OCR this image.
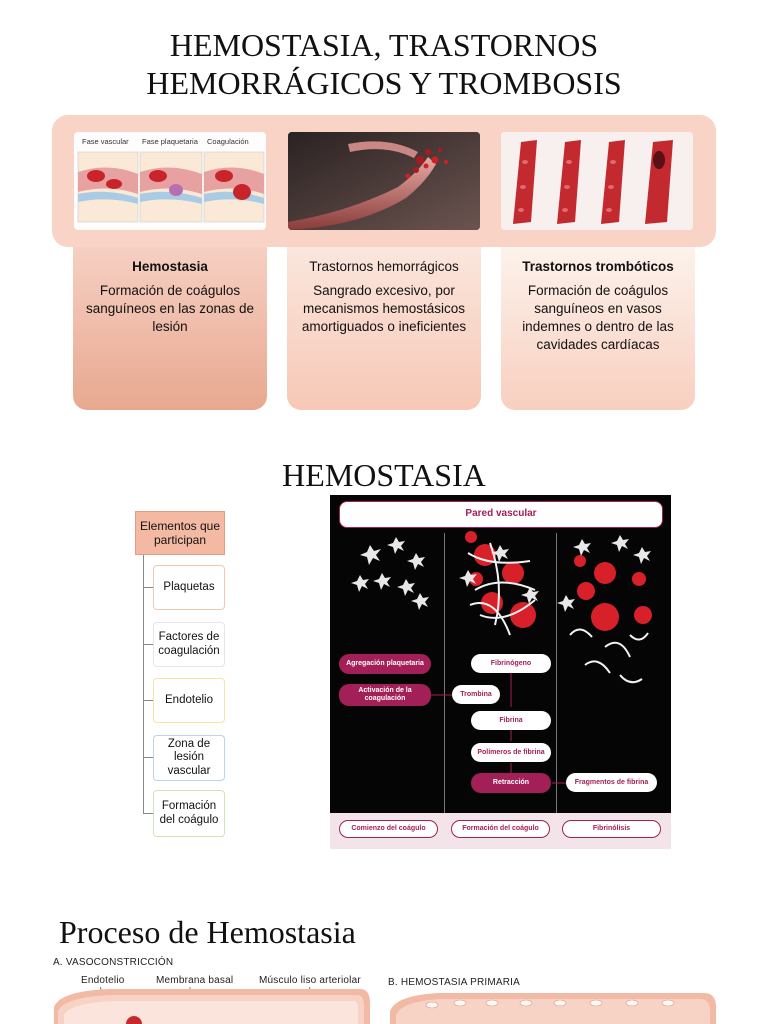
HEMOSTASIA, TRASTORNOS
HEMORRÁGICOS Y TROMBOSIS
Fase vascular Fase plaquetaria Coagulación
Hemostasia
Formación de coágulos sanguíneos en las zonas de lesión
Trastornos hemorrágicos
Sangrado excesivo, por mecanismos hemostásicos amortiguados o ineficientes
Trastornos trombóticos
Formación de coágulos sanguíneos en vasos indemnes o dentro de las cavidades cardíacas
HEMOSTASIA
Elementos que participan
Plaquetas
Factores de coagulación
Endotelio
Zona de lesión vascular
Formación del coágulo
Pared vascular
Agregación plaquetaria
Activación de la coagulación
Fibrinógeno
Trombina
Fibrina
Polímeros de fibrina
Retracción	Fragmentos de fibrina
Comienzo del coágulo	Formación del coágulo	Fibrinólisis
Proceso de Hemostasia
A. VASOCONSTRICCIÓN
Endotelio	Membrana basal	Músculo liso arteriolar	B. HEMOSTASIA PRIMARIA
